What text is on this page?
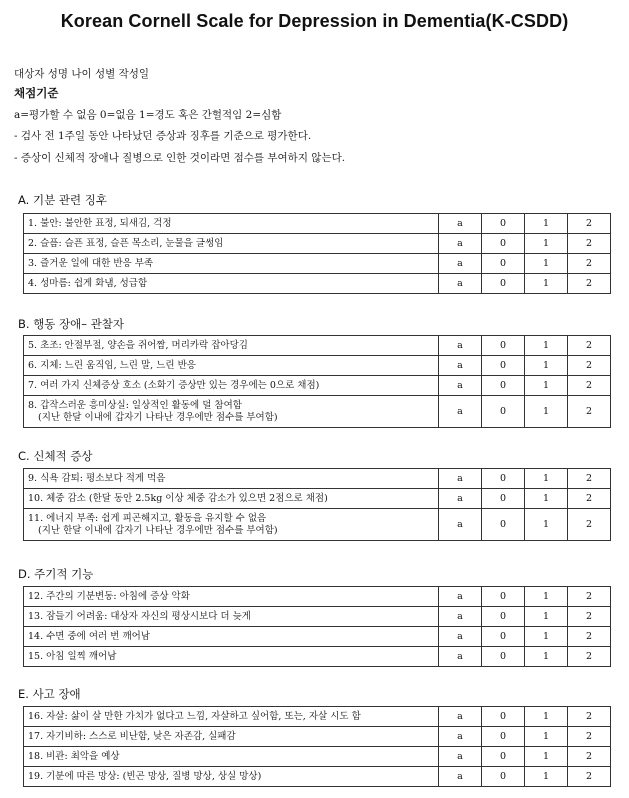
Korean Cornell Scale for Depression in Dementia(K-CSDD)
대상자 성명 나이 성별 작성일
채점기준
a=평가할 수 없음 0=없음 1=경도 혹은 간헐적임 2=심함
- 검사 전 1주일 동안 나타났던 증상과 징후를 기준으로 평가한다.
- 증상이 신체적 장애나 질병으로 인한 것이라면 점수를 부여하지 않는다.
A. 기분 관련 징후
1. 불안: 불안한 표정, 되새김, 걱정	a	0	1	2
2. 슬픔: 슬픈 표정, 슬픈 목소리, 눈물을 글썽임	a	0	1	2
3. 즐거운 일에 대한 반응 부족	a	0	1	2
4. 성마름: 쉽게 화냄, 성급함	a	0	1	2
B. 행동 장애– 관찰자
5. 초조: 안절부절, 양손을 쥐어짬, 머리카락 잡아당김	a	0	1	2
6. 지체: 느린 움직임, 느린 말, 느린 반응	a	0	1	2
7. 여러 가지 신체증상 호소 (소화기 증상만 있는 경우에는 0으로 채점)	a	0	1	2
8. 갑작스러운 흥미상실: 일상적인 활동에 덜 참여함
(지난 한달 이내에 갑자기 나타난 경우에만 점수를 부여함)	a	0	1	2
C. 신체적 증상
9. 식욕 감퇴: 평소보다 적게 먹음	a	0	1	2
10. 체중 감소 (한달 동안 2.5kg 이상 체중 감소가 있으면 2점으로 채점)	a	0	1	2
11. 에너지 부족: 쉽게 피곤해지고, 활동을 유지할 수 없음
(지난 한달 이내에 갑자기 나타난 경우에만 점수를 부여함)	a	0	1	2
D. 주기적 기능
12. 주간의 기분변동: 아침에 증상 악화	a	0	1	2
13. 잠들기 어려움: 대상자 자신의 평상시보다 더 늦게	a	0	1	2
14. 수면 중에 여러 번 깨어남	a	0	1	2
15. 아침 일찍 깨어남	a	0	1	2
E. 사고 장애
16. 자살: 삶이 살 만한 가치가 없다고 느낌, 자살하고 싶어함, 또는, 자살 시도 함	a	0	1	2
17. 자기비하: 스스로 비난함, 낮은 자존감, 실패감	a	0	1	2
18. 비관: 최악을 예상	a	0	1	2
19. 기분에 따른 망상: (빈곤 망상, 질병 망상, 상실 망상)	a	0	1	2
